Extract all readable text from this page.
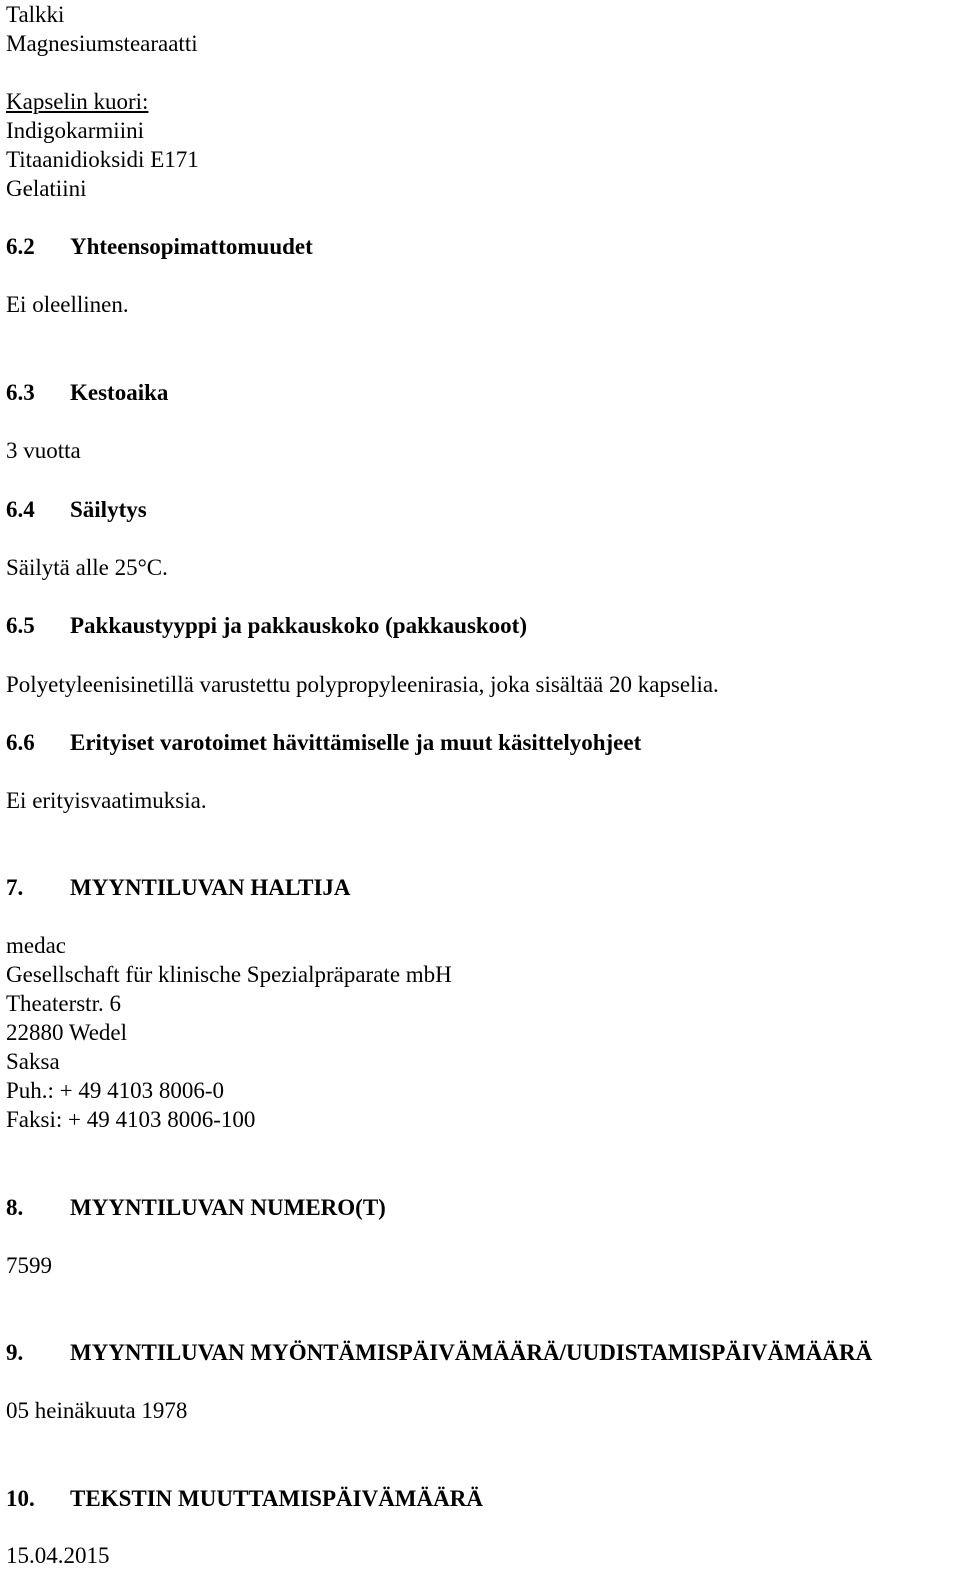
Talkki
Magnesiumstearaatti
Kapselin kuori:
Indigokarmiini
Titaanidioksidi E171
Gelatiini
6.2 Yhteensopimattomuudet
Ei oleellinen.
6.3 Kestoaika
3 vuotta
6.4 Säilytys
Säilytä alle 25°C.
6.5 Pakkaustyyppi ja pakkauskoko (pakkauskoot)
Polyetyleenisinetillä varustettu polypropyleenirasia, joka sisältää 20 kapselia.
6.6 Erityiset varotoimet hävittämiselle ja muut käsittelyohjeet
Ei erityisvaatimuksia.
7. MYYNTILUVAN HALTIJA
medac
Gesellschaft für klinische Spezialpräparate mbH
Theaterstr. 6
22880 Wedel
Saksa
Puh.: + 49 4103 8006-0
Faksi: + 49 4103 8006-100
8. MYYNTILUVAN NUMERO(T)
7599
9. MYYNTILUVAN MYÖNTÄMISPÄIVÄMÄÄRÄ/UUDISTAMISPÄIVÄMÄÄRÄ
05 heinäkuuta 1978
10. TEKSTIN MUUTTAMISPÄIVÄMÄÄRÄ
15.04.2015
